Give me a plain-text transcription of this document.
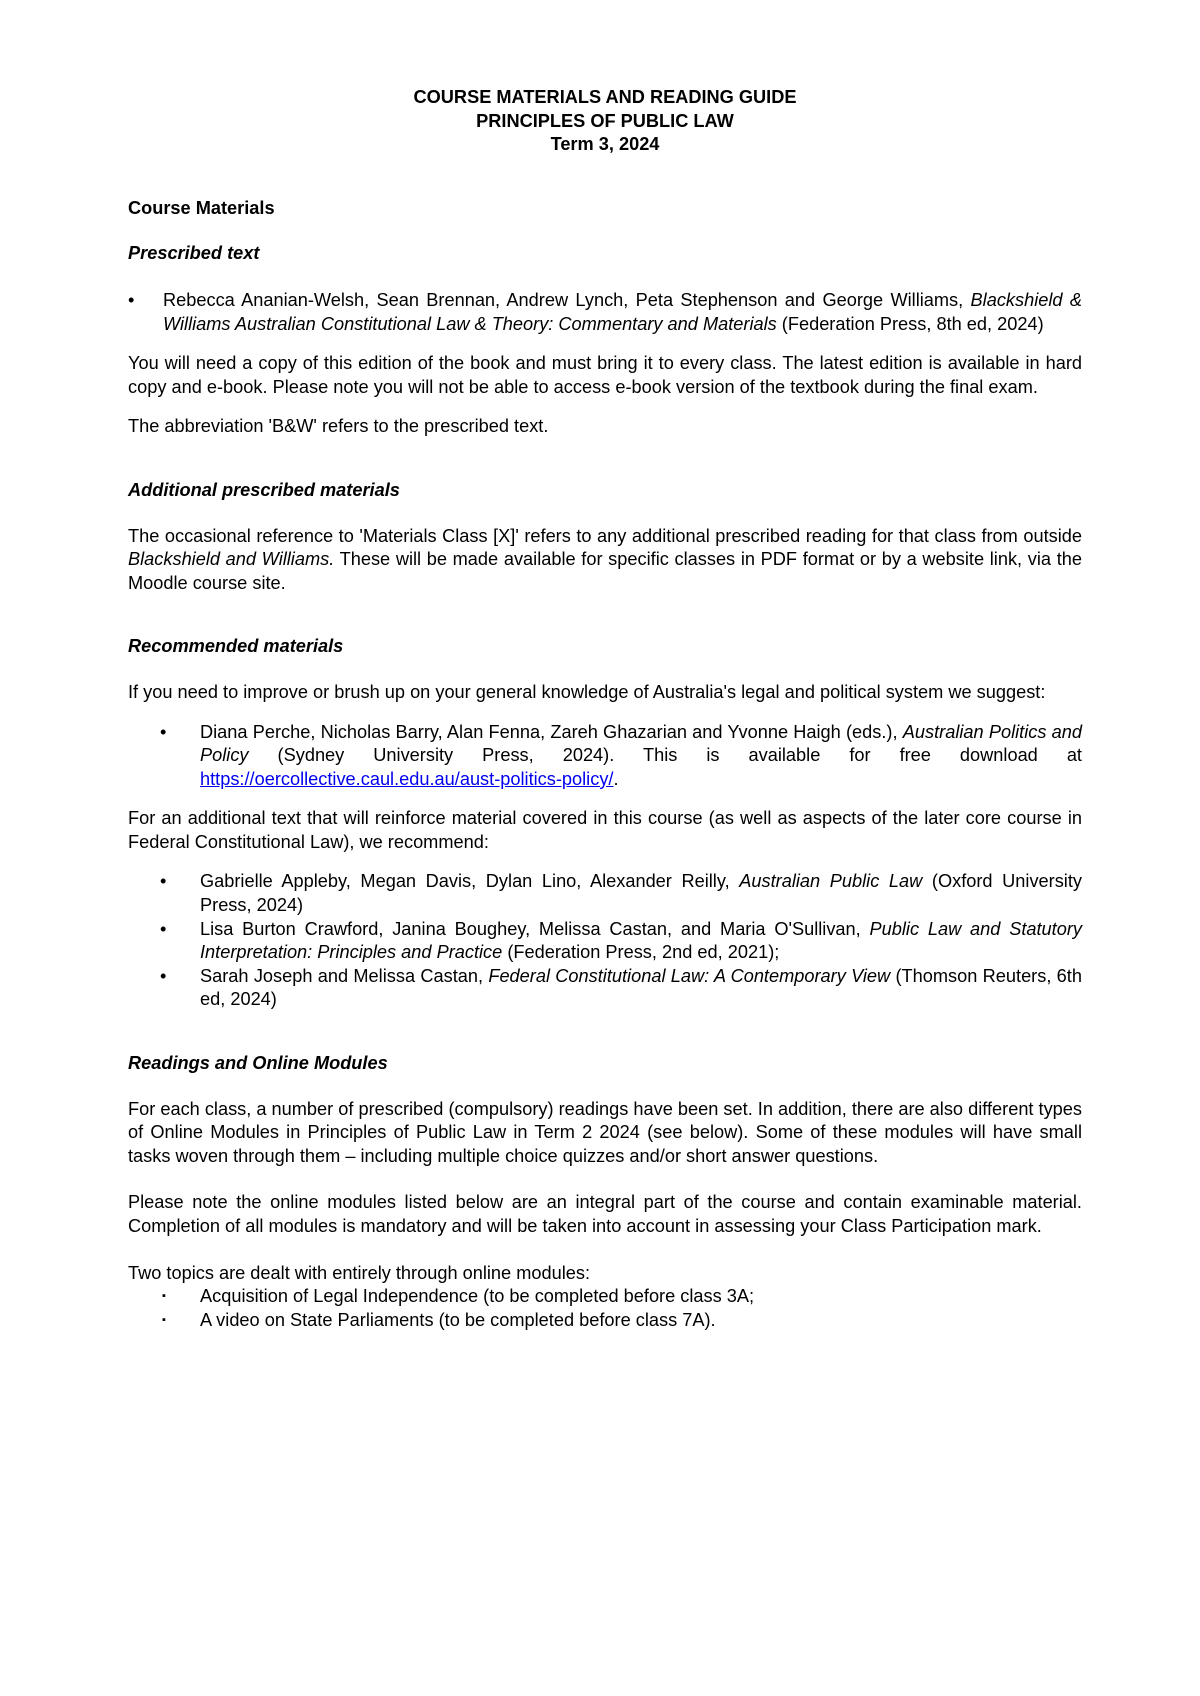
COURSE MATERIALS AND READING GUIDE
PRINCIPLES OF PUBLIC LAW
Term 3, 2024
Course Materials
Prescribed text
• Rebecca Ananian-Welsh, Sean Brennan, Andrew Lynch, Peta Stephenson and George Williams, Blackshield & Williams Australian Constitutional Law & Theory: Commentary and Materials (Federation Press, 8th ed, 2024)

You will need a copy of this edition of the book and must bring it to every class. The latest edition is available in hard copy and e-book. Please note you will not be able to access e-book version of the textbook during the final exam.

The abbreviation 'B&W' refers to the prescribed text.

Additional prescribed materials

The occasional reference to 'Materials Class [X]' refers to any additional prescribed reading for that class from outside Blackshield and Williams. These will be made available for specific classes in PDF format or by a website link, via the Moodle course site.

Recommended materials

If you need to improve or brush up on your general knowledge of Australia's legal and political system we suggest:

• Diana Perche, Nicholas Barry, Alan Fenna, Zareh Ghazarian and Yvonne Haigh (eds.), Australian Politics and Policy (Sydney University Press, 2024). This is available for free download at https://oercollective.caul.edu.au/aust-politics-policy/.

For an additional text that will reinforce material covered in this course (as well as aspects of the later core course in Federal Constitutional Law), we recommend:

• Gabrielle Appleby, Megan Davis, Dylan Lino, Alexander Reilly, Australian Public Law (Oxford University Press, 2024)
• Lisa Burton Crawford, Janina Boughey, Melissa Castan, and Maria O'Sullivan, Public Law and Statutory Interpretation: Principles and Practice (Federation Press, 2nd ed, 2021);
• Sarah Joseph and Melissa Castan, Federal Constitutional Law: A Contemporary View (Thomson Reuters, 6th ed, 2024)
Readings and Online Modules

For each class, a number of prescribed (compulsory) readings have been set. In addition, there are also different types of Online Modules in Principles of Public Law in Term 2 2024 (see below). Some of these modules will have small tasks woven through them – including multiple choice quizzes and/or short answer questions.

Please note the online modules listed below are an integral part of the course and contain examinable material. Completion of all modules is mandatory and will be taken into account in assessing your Class Participation mark.

Two topics are dealt with entirely through online modules:

▪ Acquisition of Legal Independence (to be completed before class 3A;
▪ A video on State Parliaments (to be completed before class 7A).
